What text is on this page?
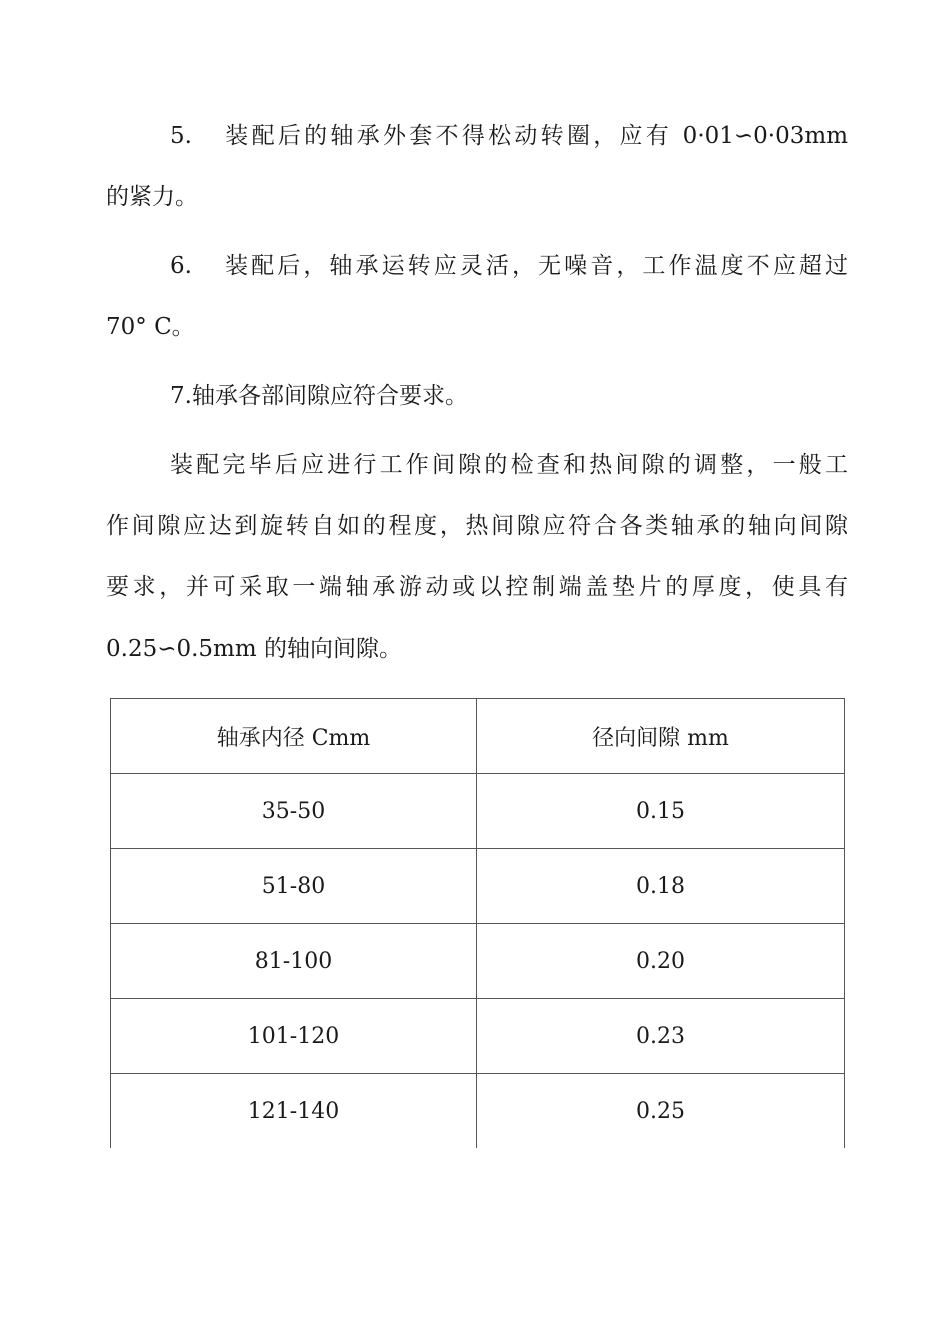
5. 装配后的轴承外套不得松动转圈，应有 0·01∽0·03mm
的紧力。
6. 装配后，轴承运转应灵活，无噪音，工作温度不应超过
70° C。
7.轴承各部间隙应符合要求。
装配完毕后应进行工作间隙的检查和热间隙的调整，一般工
作间隙应达到旋转自如的程度，热间隙应符合各类轴承的轴向间隙
要求，并可采取一端轴承游动或以控制端盖垫片的厚度，使具有
0.25∽0.5mm 的轴向间隙。
轴承内径 Cmm	径向间隙 mm
35-50	0.15
51-80	0.18
81-100	0.20
101-120	0.23
121-140	0.25
